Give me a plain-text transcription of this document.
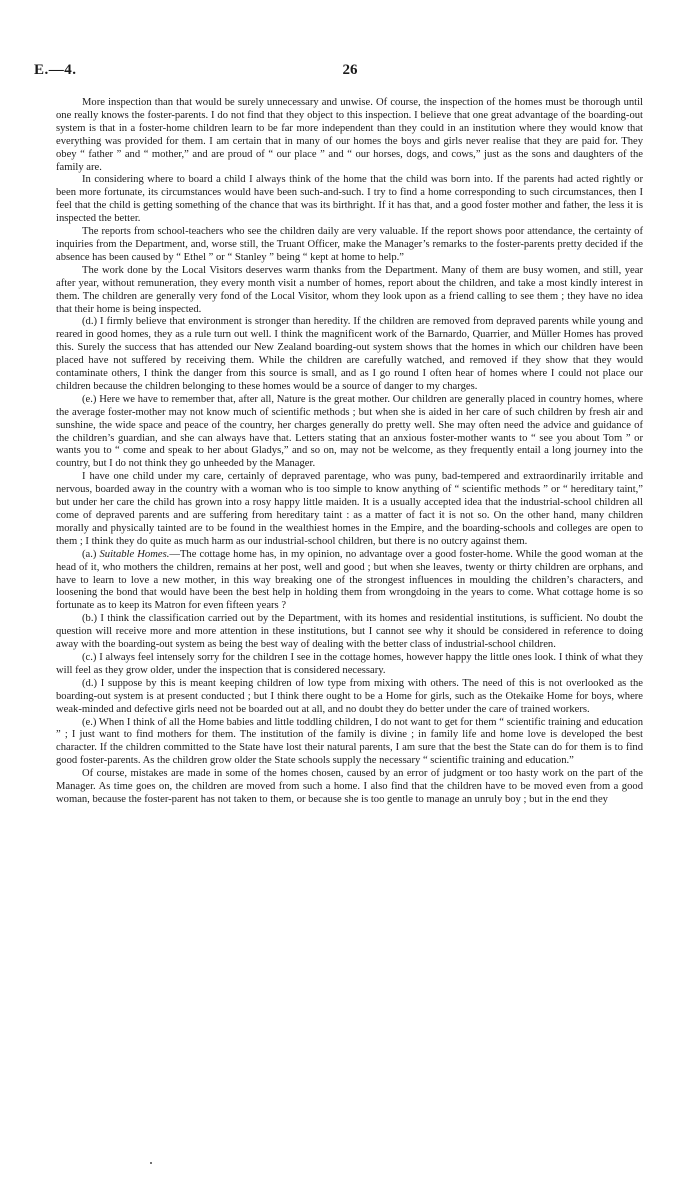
E.—4.	26

More inspection than that would be surely unnecessary and unwise. Of course, the inspection of the homes must be thorough until one really knows the foster-parents. I do not find that they object to this inspection. I believe that one great advantage of the boarding-out system is that in a foster-home children learn to be far more independent than they could in an institution where they would know that everything was provided for them. I am certain that in many of our homes the boys and girls never realise that they are paid for. They obey “ father ” and “ mother,” and are proud of “ our place ” and “ our horses, dogs, and cows,” just as the sons and daughters of the family are.

In considering where to board a child I always think of the home that the child was born into. If the parents had acted rightly or been more fortunate, its circumstances would have been such-and-such. I try to find a home corresponding to such circumstances, then I feel that the child is getting something of the chance that was its birthright. If it has that, and a good foster mother and father, the less it is inspected the better.

The reports from school-teachers who see the children daily are very valuable. If the report shows poor attendance, the certainty of inquiries from the Department, and, worse still, the Truant Officer, make the Manager’s remarks to the foster-parents pretty decided if the absence has been caused by “ Ethel ” or “ Stanley ” being “ kept at home to help.”

The work done by the Local Visitors deserves warm thanks from the Department. Many of them are busy women, and still, year after year, without remuneration, they every month visit a number of homes, report about the children, and take a most kindly interest in them. The children are generally very fond of the Local Visitor, whom they look upon as a friend calling to see them ; they have no idea that their home is being inspected.

(d.) I firmly believe that environment is stronger than heredity. If the children are removed from depraved parents while young and reared in good homes, they as a rule turn out well. I think the magnificent work of the Barnardo, Quarrier, and Müller Homes has proved this. Surely the success that has attended our New Zealand boarding-out system shows that the homes in which our children have been placed have not suffered by receiving them. While the children are carefully watched, and removed if they show that they would contaminate others, I think the danger from this source is small, and as I go round I often hear of homes where I could not place our children because the children belonging to these homes would be a source of danger to my charges.

(e.) Here we have to remember that, after all, Nature is the great mother. Our children are generally placed in country homes, where the average foster-mother may not know much of scientific methods ; but when she is aided in her care of such children by fresh air and sunshine, the wide space and peace of the country, her charges generally do pretty well. She may often need the advice and guidance of the children’s guardian, and she can always have that. Letters stating that an anxious foster-mother wants to “ see you about Tom ” or wants you to “ come and speak to her about Gladys,” and so on, may not be welcome, as they frequently entail a long journey into the country, but I do not think they go unheeded by the Manager.

I have one child under my care, certainly of depraved parentage, who was puny, bad-tempered and extraordinarily irritable and nervous, boarded away in the country with a woman who is too simple to know anything of “ scientific methods ” or “ hereditary taint,” but under her care the child has grown into a rosy happy little maiden. It is a usually accepted idea that the industrial-school children all come of depraved parents and are suffering from hereditary taint : as a matter of fact it is not so. On the other hand, many children morally and physically tainted are to be found in the wealthiest homes in the Empire, and the boarding-schools and colleges are open to them ; I think they do quite as much harm as our industrial-school children, but there is no outcry against them.

(a.) Suitable Homes.—The cottage home has, in my opinion, no advantage over a good foster-home. While the good woman at the head of it, who mothers the children, remains at her post, well and good ; but when she leaves, twenty or thirty children are orphans, and have to learn to love a new mother, in this way breaking one of the strongest influences in moulding the children’s characters, and loosening the bond that would have been the best help in holding them from wrongdoing in the years to come. What cottage home is so fortunate as to keep its Matron for even fifteen years ?

(b.) I think the classification carried out by the Department, with its homes and residential institutions, is sufficient. No doubt the question will receive more and more attention in these institutions, but I cannot see why it should be considered in reference to doing away with the boarding-out system as being the best way of dealing with the better class of industrial-school children.

(c.) I always feel intensely sorry for the children I see in the cottage homes, however happy the little ones look. I think of what they will feel as they grow older, under the inspection that is considered necessary.

(d.) I suppose by this is meant keeping children of low type from mixing with others. The need of this is not overlooked as the boarding-out system is at present conducted ; but I think there ought to be a Home for girls, such as the Otekaike Home for boys, where weak-minded and defective girls need not be boarded out at all, and no doubt they do better under the care of trained workers.

(e.) When I think of all the Home babies and little toddling children, I do not want to get for them “ scientific training and education ” ; I just want to find mothers for them. The institution of the family is divine ; in family life and home love is developed the best character. If the children committed to the State have lost their natural parents, I am sure that the best the State can do for them is to find good foster-parents. As the children grow older the State schools supply the necessary “ scientific training and education.”

Of course, mistakes are made in some of the homes chosen, caused by an error of judgment or too hasty work on the part of the Manager. As time goes on, the children are moved from such a home. I also find that the children have to be moved even from a good woman, because the foster-parent has not taken to them, or because she is too gentle to manage an unruly boy ; but in the end they
